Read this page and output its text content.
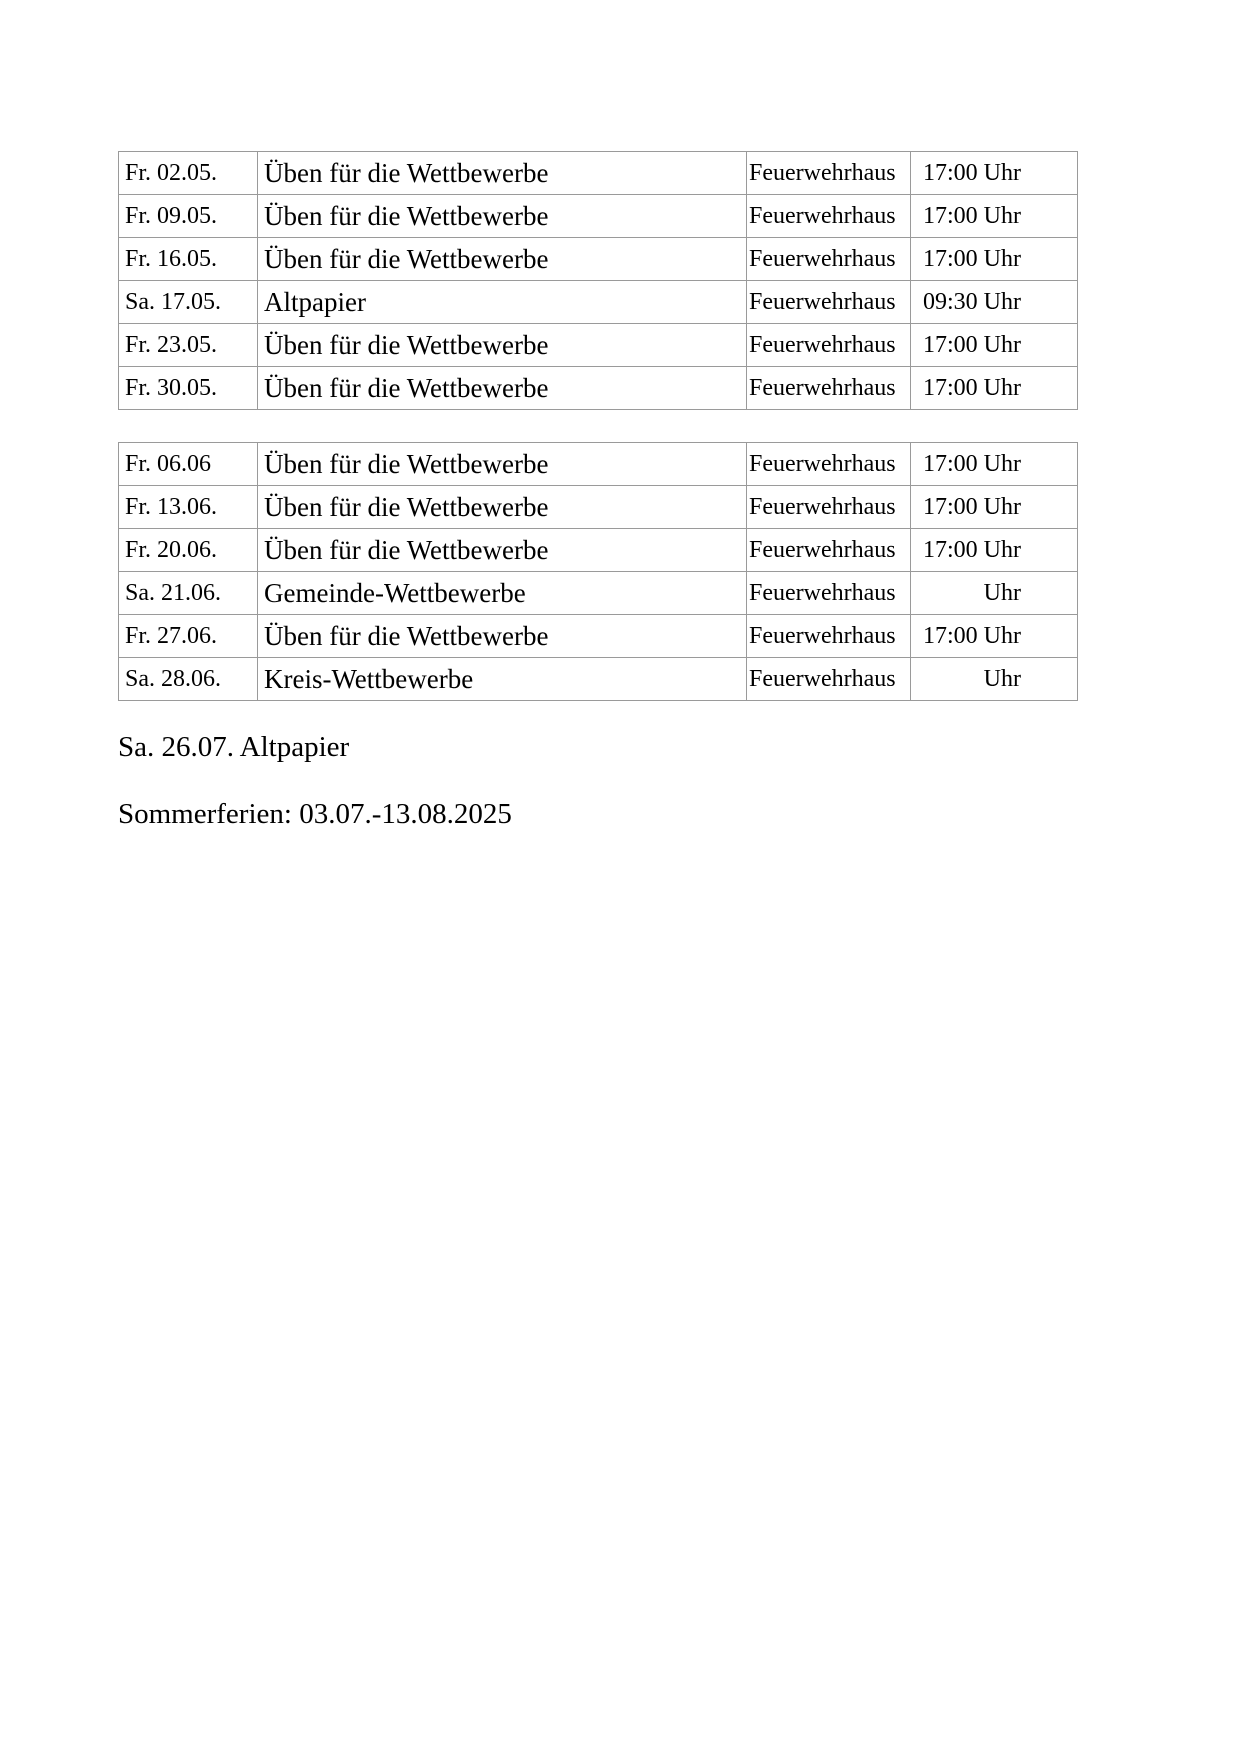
Fr. 02.05.	Üben für die Wettbewerbe	Feuerwehrhaus	17:00 Uhr
Fr. 09.05.	Üben für die Wettbewerbe	Feuerwehrhaus	17:00 Uhr
Fr. 16.05.	Üben für die Wettbewerbe	Feuerwehrhaus	17:00 Uhr
Sa. 17.05.	Altpapier	Feuerwehrhaus	09:30 Uhr
Fr. 23.05.	Üben für die Wettbewerbe	Feuerwehrhaus	17:00 Uhr
Fr. 30.05.	Üben für die Wettbewerbe	Feuerwehrhaus	17:00 Uhr
Fr. 06.06	Üben für die Wettbewerbe	Feuerwehrhaus	17:00 Uhr
Fr. 13.06.	Üben für die Wettbewerbe	Feuerwehrhaus	17:00 Uhr
Fr. 20.06.	Üben für die Wettbewerbe	Feuerwehrhaus	17:00 Uhr
Sa. 21.06.	Gemeinde-Wettbewerbe	Feuerwehrhaus	Uhr
Fr. 27.06.	Üben für die Wettbewerbe	Feuerwehrhaus	17:00 Uhr
Sa. 28.06.	Kreis-Wettbewerbe	Feuerwehrhaus	Uhr
Sa. 26.07. Altpapier
Sommerferien: 03.07.-13.08.2025
